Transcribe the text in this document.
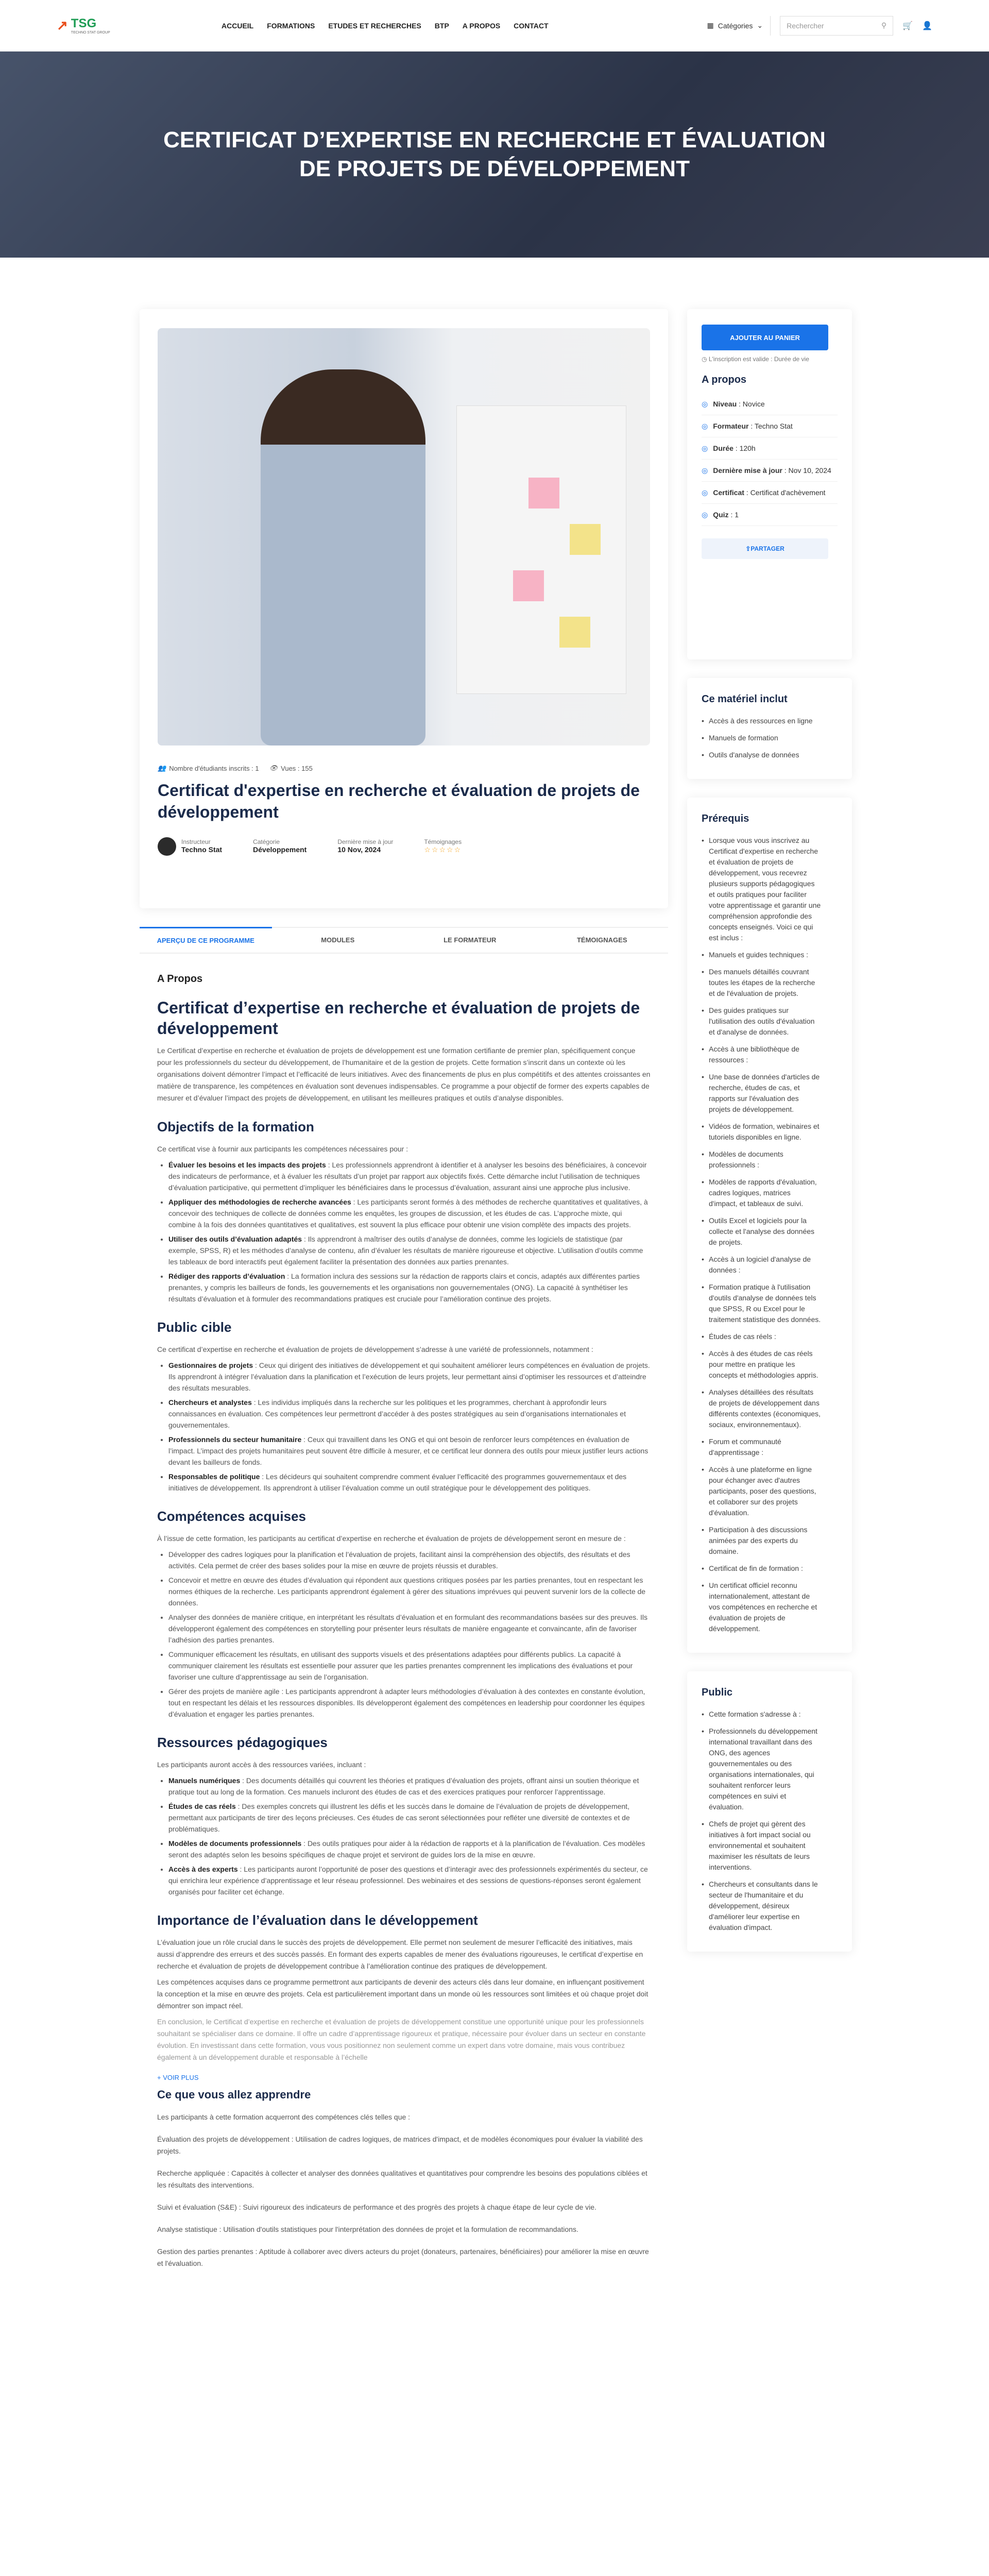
↗ TSG
TECHNO STAT GROUP
ACCUEIL FORMATIONS ETUDES ET RECHERCHES BTP A PROPOS CONTACT	▦ Catégories ⌄	Rechercher	⚲ 🛒 👤
CERTIFICAT D’EXPERTISE EN RECHERCHE ET ÉVALUATION DE PROJETS DE DÉVELOPPEMENT
👥 Nombre d'étudiants inscrits : 1 👁 Vues : 155
Certificat d'expertise en recherche et évaluation de projets de développement
Instructeur
Techno Stat
Catégorie
Développement
Dernière mise à jour
10 Nov, 2024
Témoignages
☆☆☆☆☆
APERÇU DE CE PROGRAMME	MODULES	LE FORMATEUR	TÉMOIGNAGES
A Propos
Certificat d’expertise en recherche et évaluation de projets de développement

Le Certificat d’expertise en recherche et évaluation de projets de développement est une formation certifiante de premier plan, spécifiquement conçue pour les professionnels du secteur du développement, de l’humanitaire et de la gestion de projets. Cette formation s’inscrit dans un contexte où les organisations doivent démontrer l’impact et l’efficacité de leurs initiatives. Avec des financements de plus en plus compétitifs et des attentes croissantes en matière de transparence, les compétences en évaluation sont devenues indispensables. Ce programme a pour objectif de former des experts capables de mesurer et d’évaluer l’impact des projets de développement, en utilisant les meilleures pratiques et outils d’analyse disponibles.

Objectifs de la formation

Ce certificat vise à fournir aux participants les compétences nécessaires pour :

• Évaluer les besoins et les impacts des projets : Les professionnels apprendront à identifier et à analyser les besoins des bénéficiaires, à concevoir des indicateurs de performance, et à évaluer les résultats d’un projet par rapport aux objectifs fixés. Cette démarche inclut l’utilisation de techniques d’évaluation participative, qui permettent d’impliquer les bénéficiaires dans le processus d’évaluation, assurant ainsi une approche plus inclusive.
• Appliquer des méthodologies de recherche avancées : Les participants seront formés à des méthodes de recherche quantitatives et qualitatives, à concevoir des techniques de collecte de données comme les enquêtes, les groupes de discussion, et les études de cas. L’approche mixte, qui combine à la fois des données quantitatives et qualitatives, est souvent la plus efficace pour obtenir une vision complète des impacts des projets.
• Utiliser des outils d’évaluation adaptés : Ils apprendront à maîtriser des outils d’analyse de données, comme les logiciels de statistique (par exemple, SPSS, R) et les méthodes d’analyse de contenu, afin d’évaluer les résultats de manière rigoureuse et objective. L’utilisation d’outils comme les tableaux de bord interactifs peut également faciliter la présentation des données aux parties prenantes.
• Rédiger des rapports d’évaluation : La formation inclura des sessions sur la rédaction de rapports clairs et concis, adaptés aux différentes parties prenantes, y compris les bailleurs de fonds, les gouvernements et les organisations non gouvernementales (ONG). La capacité à synthétiser les résultats d’évaluation et à formuler des recommandations pratiques est cruciale pour l’amélioration continue des projets.
Public cible

Ce certificat d’expertise en recherche et évaluation de projets de développement s’adresse à une variété de professionnels, notamment :

• Gestionnaires de projets : Ceux qui dirigent des initiatives de développement et qui souhaitent améliorer leurs compétences en évaluation de projets. Ils apprendront à intégrer l’évaluation dans la planification et l’exécution de leurs projets, leur permettant ainsi d’optimiser les ressources et d’atteindre des résultats mesurables.
• Chercheurs et analystes : Les individus impliqués dans la recherche sur les politiques et les programmes, cherchant à approfondir leurs connaissances en évaluation. Ces compétences leur permettront d’accéder à des postes stratégiques au sein d’organisations internationales et gouvernementales.
• Professionnels du secteur humanitaire : Ceux qui travaillent dans les ONG et qui ont besoin de renforcer leurs compétences en évaluation de l’impact. L’impact des projets humanitaires peut souvent être difficile à mesurer, et ce certificat leur donnera des outils pour mieux justifier leurs actions devant les bailleurs de fonds.
• Responsables de politique : Les décideurs qui souhaitent comprendre comment évaluer l’efficacité des programmes gouvernementaux et des initiatives de développement. Ils apprendront à utiliser l’évaluation comme un outil stratégique pour le développement des politiques.
Compétences acquises

À l’issue de cette formation, les participants au certificat d’expertise en recherche et évaluation de projets de développement seront en mesure de :

• Développer des cadres logiques pour la planification et l’évaluation de projets, facilitant ainsi la compréhension des objectifs, des résultats et des activités. Cela permet de créer des bases solides pour la mise en œuvre de projets réussis et durables.
• Concevoir et mettre en œuvre des études d’évaluation qui répondent aux questions critiques posées par les parties prenantes, tout en respectant les normes éthiques de la recherche. Les participants apprendront également à gérer des situations imprévues qui peuvent survenir lors de la collecte de données.
• Analyser des données de manière critique, en interprétant les résultats d’évaluation et en formulant des recommandations basées sur des preuves. Ils développeront également des compétences en storytelling pour présenter leurs résultats de manière engageante et convaincante, afin de favoriser l’adhésion des parties prenantes.
• Communiquer efficacement les résultats, en utilisant des supports visuels et des présentations adaptées pour différents publics. La capacité à communiquer clairement les résultats est essentielle pour assurer que les parties prenantes comprennent les implications des évaluations et pour favoriser une culture d’apprentissage au sein de l’organisation.
• Gérer des projets de manière agile : Les participants apprendront à adapter leurs méthodologies d’évaluation à des contextes en constante évolution, tout en respectant les délais et les ressources disponibles. Ils développeront également des compétences en leadership pour coordonner les équipes d’évaluation et engager les parties prenantes.
Ressources pédagogiques

Les participants auront accès à des ressources variées, incluant :

• Manuels numériques : Des documents détaillés qui couvrent les théories et pratiques d’évaluation des projets, offrant ainsi un soutien théorique et pratique tout au long de la formation. Ces manuels incluront des études de cas et des exercices pratiques pour renforcer l’apprentissage.
• Études de cas réels : Des exemples concrets qui illustrent les défis et les succès dans le domaine de l’évaluation de projets de développement, permettant aux participants de tirer des leçons précieuses. Ces études de cas seront sélectionnées pour refléter une diversité de contextes et de problématiques.
• Modèles de documents professionnels : Des outils pratiques pour aider à la rédaction de rapports et à la planification de l’évaluation. Ces modèles seront des adaptés selon les besoins spécifiques de chaque projet et serviront de guides lors de la mise en œuvre.
• Accès à des experts : Les participants auront l’opportunité de poser des questions et d’interagir avec des professionnels expérimentés du secteur, ce qui enrichira leur expérience d’apprentissage et leur réseau professionnel. Des webinaires et des sessions de questions-réponses seront également organisés pour faciliter cet échange.
Importance de l’évaluation dans le développement

L’évaluation joue un rôle crucial dans le succès des projets de développement. Elle permet non seulement de mesurer l’efficacité des initiatives, mais aussi d’apprendre des erreurs et des succès passés. En formant des experts capables de mener des évaluations rigoureuses, le certificat d’expertise en recherche et évaluation de projets de développement contribue à l’amélioration continue des pratiques de développement.

Les compétences acquises dans ce programme permettront aux participants de devenir des acteurs clés dans leur domaine, en influençant positivement la conception et la mise en œuvre des projets. Cela est particulièrement important dans un monde où les ressources sont limitées et où chaque projet doit démontrer son impact réel.

En conclusion, le Certificat d’expertise en recherche et évaluation de projets de développement constitue une opportunité unique pour les professionnels souhaitant se spécialiser dans ce domaine. Il offre un cadre d’apprentissage rigoureux et pratique, nécessaire pour évoluer dans un secteur en constante évolution. En investissant dans cette formation, vous vous positionnez non seulement comme un expert dans votre domaine, mais vous contribuez également à un développement durable et responsable à l’échelle

+ VOIR PLUS
Ce que vous allez apprendre

Les participants à cette formation acquerront des compétences clés telles que :

Évaluation des projets de développement : Utilisation de cadres logiques, de matrices d'impact, et de modèles économiques pour évaluer la viabilité des projets.

Recherche appliquée : Capacités à collecter et analyser des données qualitatives et quantitatives pour comprendre les besoins des populations ciblées et les résultats des interventions.

Suivi et évaluation (S&E) : Suivi rigoureux des indicateurs de performance et des progrès des projets à chaque étape de leur cycle de vie.

Analyse statistique : Utilisation d'outils statistiques pour l'interprétation des données de projet et la formulation de recommandations.

Gestion des parties prenantes : Aptitude à collaborer avec divers acteurs du projet (donateurs, partenaires, bénéficiaires) pour améliorer la mise en œuvre et l'évaluation.

AJOUTER AU PANIER

◷ L'inscription est valide : Durée de vie

A propos
◎ Niveau : Novice
◎ Formateur : Techno Stat
◎ Durée : 120h
◎ Dernière mise à jour : Nov 10, 2024
◎ Certificat : Certificat d'achèvement
◎ Quiz : 1
⇪ PARTAGER
Ce matériel inclut
• Accès à des ressources en ligne
• Manuels de formation
• Outils d'analyse de données
Prérequis
• Lorsque vous vous inscrivez au Certificat d'expertise en recherche et évaluation de projets de développement, vous recevrez plusieurs supports pédagogiques et outils pratiques pour faciliter votre apprentissage et garantir une compréhension approfondie des concepts enseignés. Voici ce qui est inclus :
• Manuels et guides techniques :
• Des manuels détaillés couvrant toutes les étapes de la recherche et de l'évaluation de projets.
• Des guides pratiques sur l'utilisation des outils d'évaluation et d'analyse de données.
• Accès à une bibliothèque de ressources :
• Une base de données d'articles de recherche, études de cas, et rapports sur l'évaluation des projets de développement.
• Vidéos de formation, webinaires et tutoriels disponibles en ligne.
• Modèles de documents professionnels :
• Modèles de rapports d'évaluation, cadres logiques, matrices d'impact, et tableaux de suivi.
• Outils Excel et logiciels pour la collecte et l'analyse des données de projets.
• Accès à un logiciel d'analyse de données :
• Formation pratique à l'utilisation d'outils d'analyse de données tels que SPSS, R ou Excel pour le traitement statistique des données.
• Études de cas réels :
• Accès à des études de cas réels pour mettre en pratique les concepts et méthodologies appris.
• Analyses détaillées des résultats de projets de développement dans différents contextes (économiques, sociaux, environnementaux).
• Forum et communauté d'apprentissage :
• Accès à une plateforme en ligne pour échanger avec d'autres participants, poser des questions, et collaborer sur des projets d'évaluation.
• Participation à des discussions animées par des experts du domaine.
• Certificat de fin de formation :
• Un certificat officiel reconnu internationalement, attestant de vos compétences en recherche et évaluation de projets de développement.
Public
• Cette formation s'adresse à :
• Professionnels du développement international travaillant dans des ONG, des agences gouvernementales ou des organisations internationales, qui souhaitent renforcer leurs compétences en suivi et évaluation.
• Chefs de projet qui gèrent des initiatives à fort impact social ou environnemental et souhaitent maximiser les résultats de leurs interventions.
• Chercheurs et consultants dans le secteur de l'humanitaire et du développement, désireux d'améliorer leur expertise en évaluation d'impact.
